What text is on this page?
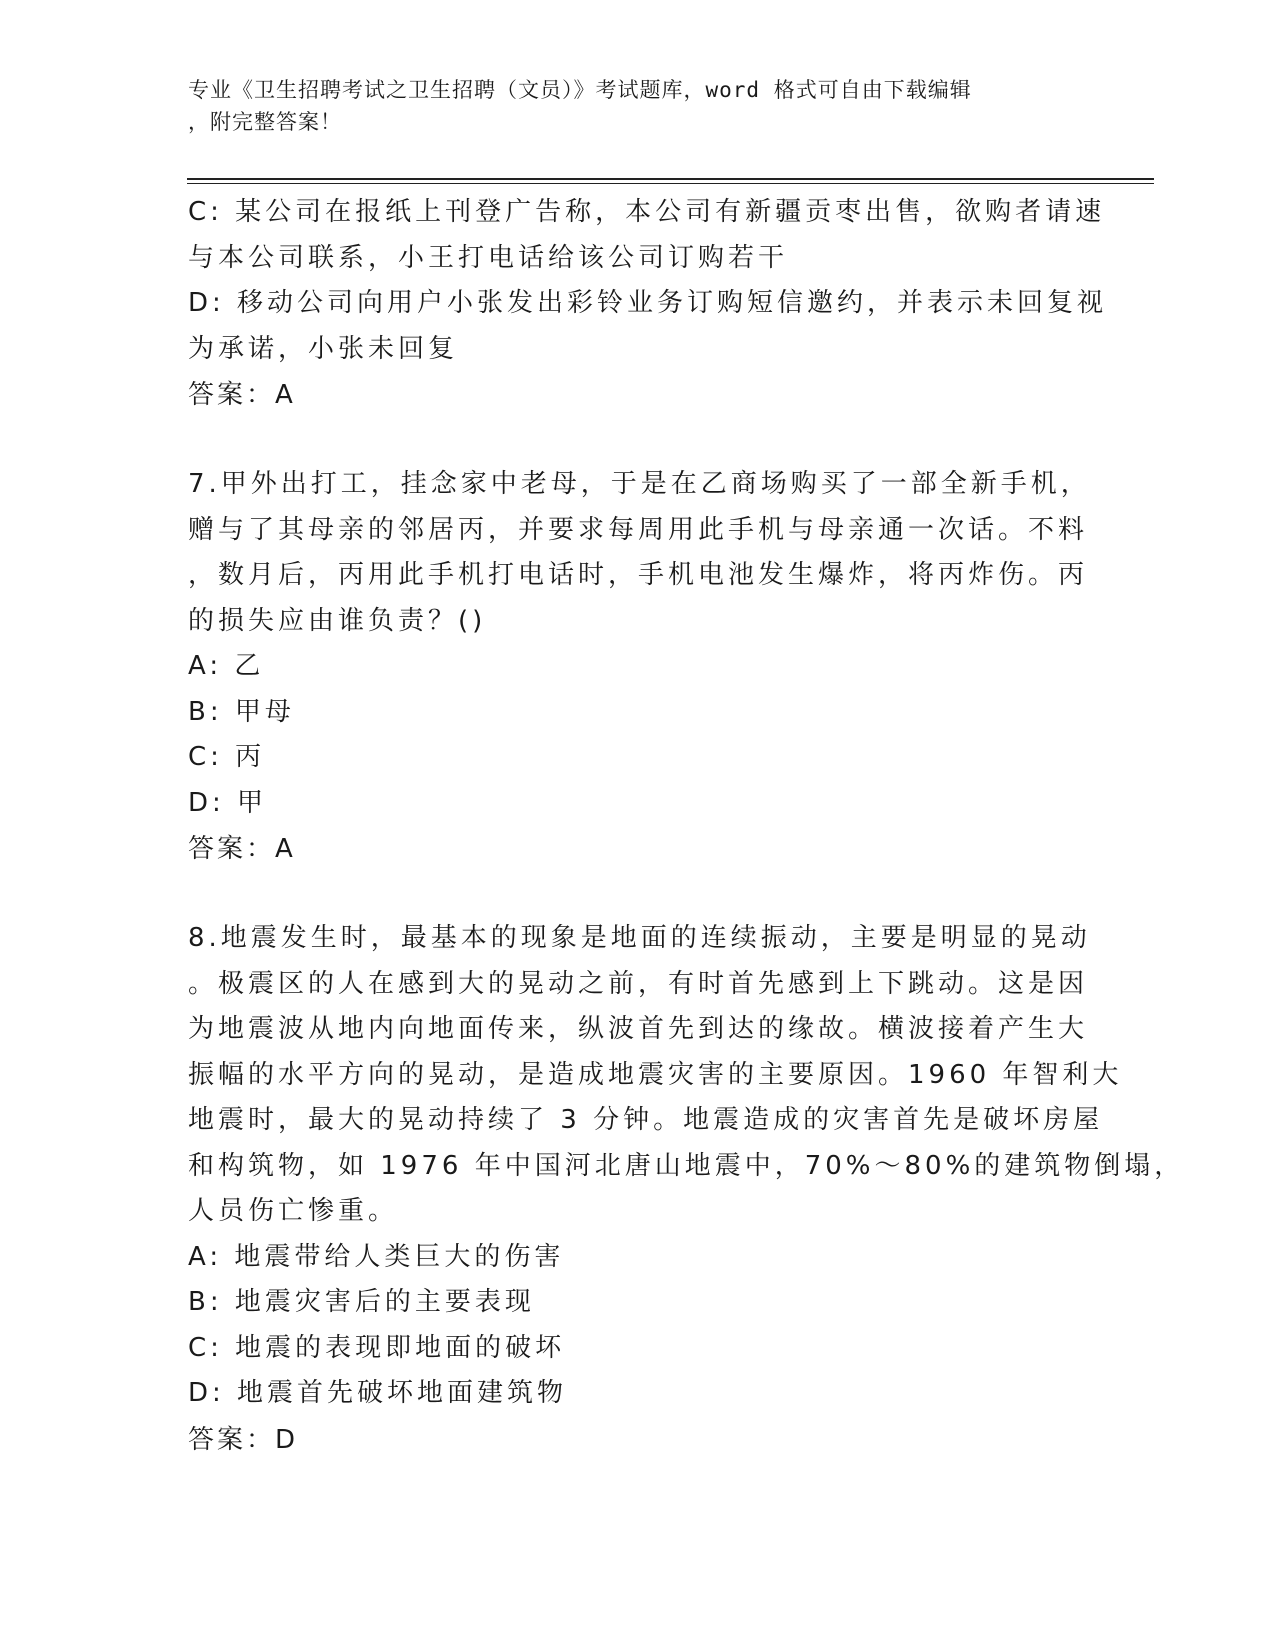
专业《卫生招聘考试之卫生招聘（文员）》考试题库，word 格式可自由下载编辑
，附完整答案！
C: 某公司在报纸上刊登广告称，本公司有新疆贡枣出售，欲购者请速
与本公司联系，小王打电话给该公司订购若干
D: 移动公司向用户小张发出彩铃业务订购短信邀约，并表示未回复视
为承诺，小张未回复
答案：A
7.甲外出打工，挂念家中老母，于是在乙商场购买了一部全新手机，
赠与了其母亲的邻居丙，并要求每周用此手机与母亲通一次话。不料
，数月后，丙用此手机打电话时，手机电池发生爆炸，将丙炸伤。丙
的损失应由谁负责？()
A: 乙
B: 甲母
C: 丙
D: 甲
答案：A
8.地震发生时，最基本的现象是地面的连续振动，主要是明显的晃动
。极震区的人在感到大的晃动之前，有时首先感到上下跳动。这是因
为地震波从地内向地面传来，纵波首先到达的缘故。横波接着产生大
振幅的水平方向的晃动，是造成地震灾害的主要原因。1960 年智利大
地震时，最大的晃动持续了 3 分钟。地震造成的灾害首先是破坏房屋
和构筑物，如 1976 年中国河北唐山地震中，70%～80%的建筑物倒塌，
人员伤亡惨重。
A: 地震带给人类巨大的伤害
B: 地震灾害后的主要表现
C: 地震的表现即地面的破坏
D: 地震首先破坏地面建筑物
答案：D
